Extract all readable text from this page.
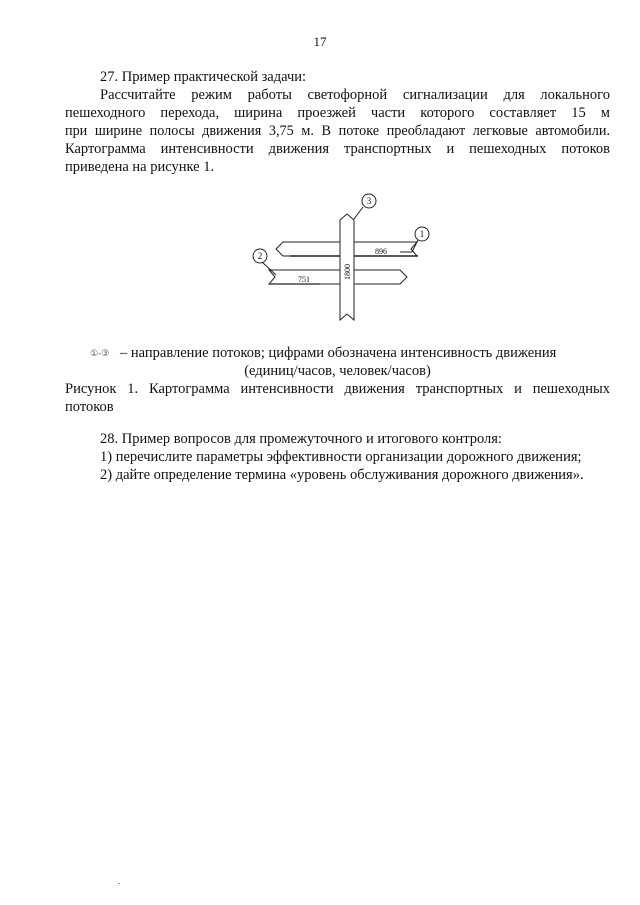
17
27. Пример практической задачи:
Рассчитайте режим работы светофорной сигнализации для локального
пешеходного перехода, ширина проезжей части которого составляет 15 м
при ширине полосы движения 3,75 м. В потоке преобладают легковые автомобили.
Картограмма интенсивности движения транспортных и пешеходных потоков
приведена на рисунке 1.
3
1
2	896
751	1800
①-③ – направление потоков; цифрами обозначена интенсивность движения
(единиц/часов, человек/часов)
Рисунок 1. Картограмма интенсивности движения транспортных и пешеходных
потоков
28. Пример вопросов для промежуточного и итогового контроля:
1) перечислите параметры эффективности организации дорожного движения;
2) дайте определение термина «уровень обслуживания дорожного движения».
